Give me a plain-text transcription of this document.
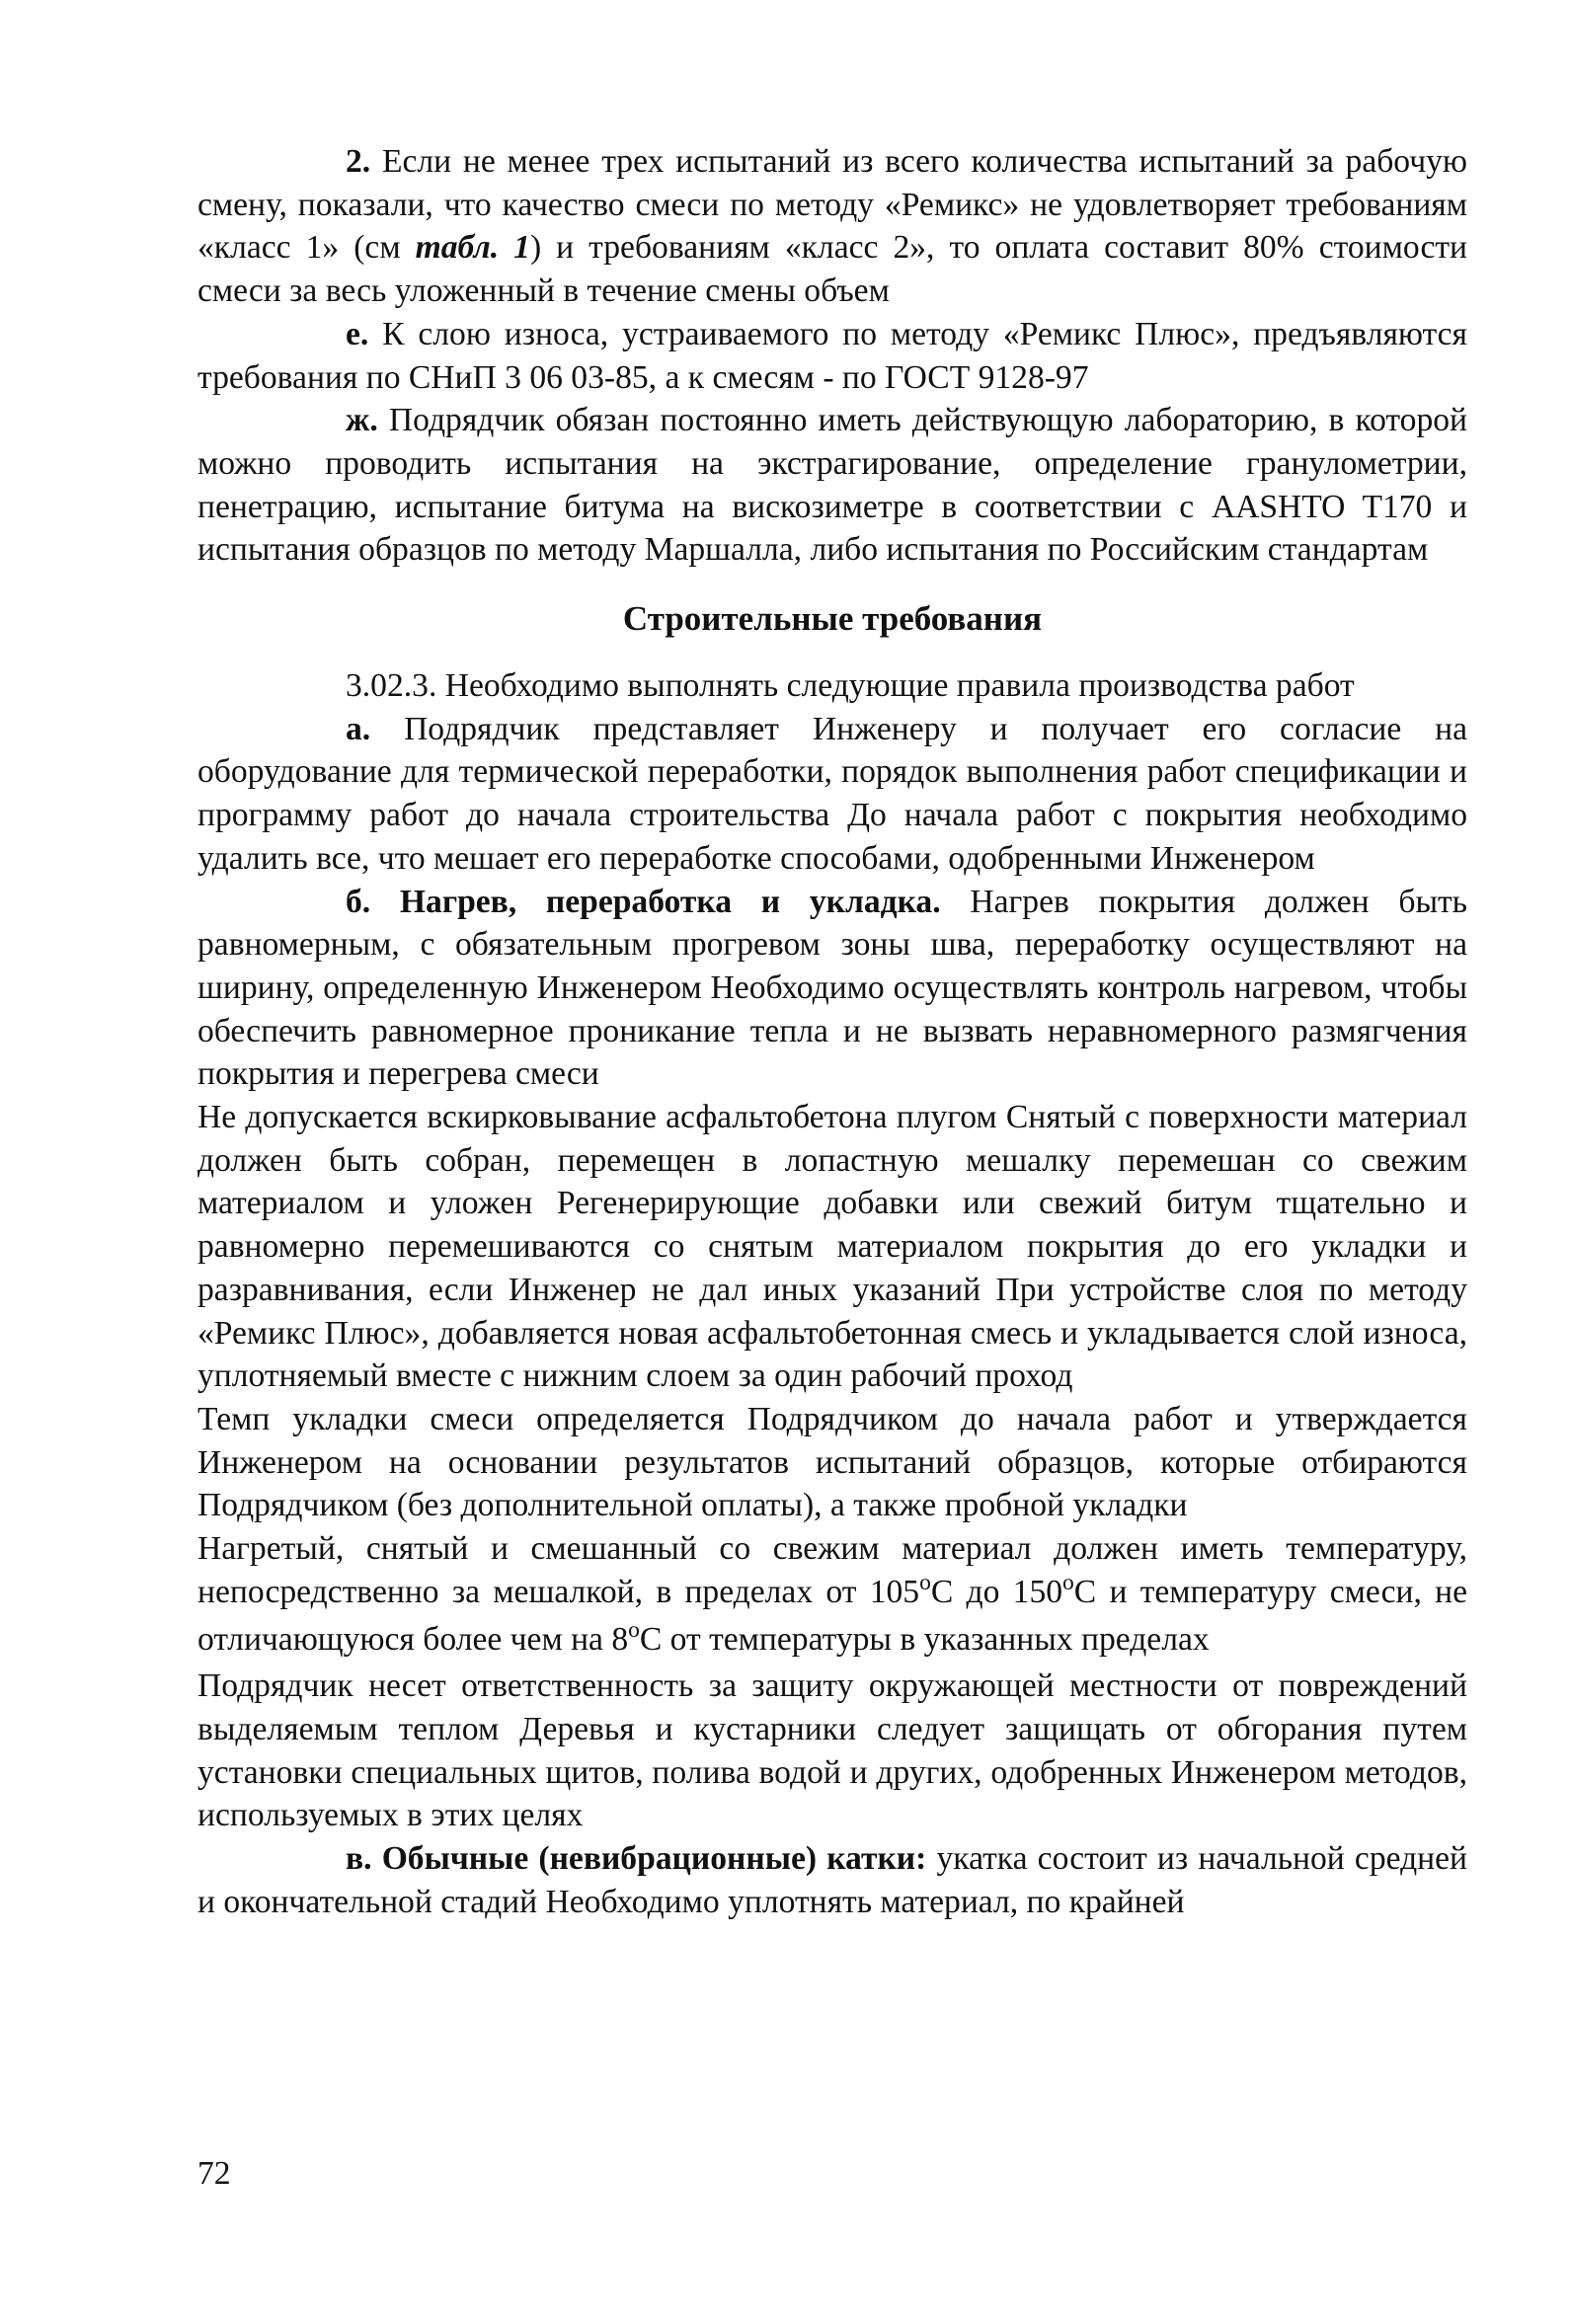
2. Если не менее трех испытаний из всего количества испытаний за рабочую смену, показали, что качество смеси по методу «Ремикс» не удовлетворяет требованиям «класс 1» (см табл. 1) и требованиям «класс 2», то оплата составит 80% стоимости смеси за весь уложенный в течение смены объем

е. К слою износа, устраиваемого по методу «Ремикс Плюс», предъявляются требования по СНиП 3 06 03-85, а к смесям - по ГОСТ 9128-97

ж. Подрядчик обязан постоянно иметь действующую лабораторию, в которой можно проводить испытания на экстрагирование, определение гранулометрии, пенетрацию, испытание битума на вискозиметре в соответствии с AASHTO T170 и испытания образцов по методу Маршалла, либо испытания по Российским стандартам

Строительные требования

3.02.3. Необходимо выполнять следующие правила производства работ

а. Подрядчик представляет Инженеру и получает его согласие на оборудование для термической переработки, порядок выполнения работ спецификации и программу работ до начала строительства До начала работ с покрытия необходимо удалить все, что мешает его переработке способами, одобренными Инженером

б. Нагрев, переработка и укладка. Нагрев покрытия должен быть равномерным, с обязательным прогревом зоны шва, переработку осуществляют на ширину, определенную Инженером Необходимо осуществлять контроль нагревом, чтобы обеспечить равномерное проникание тепла и не вызвать неравномерного размягчения покрытия и перегрева смеси

Не допускается вскирковывание асфальтобетона плугом Снятый с поверхности материал должен быть собран, перемещен в лопастную мешалку перемешан со свежим материалом и уложен Регенерирующие добавки или свежий битум тщательно и равномерно перемешиваются со снятым материалом покрытия до его укладки и разравнивания, если Инженер не дал иных указаний При устройстве слоя по методу «Ремикс Плюс», добавляется новая асфальтобетонная смесь и укладывается слой износа, уплотняемый вместе с нижним слоем за один рабочий проход

Темп укладки смеси определяется Подрядчиком до начала работ и утверждается Инженером на основании результатов испытаний образцов, которые отбираются Подрядчиком (без дополнительной оплаты), а также пробной укладки

Нагретый, снятый и смешанный со свежим материал должен иметь температуру, непосредственно за мешалкой, в пределах от 105$^o$С до 150$^o$С и температуру смеси, не отличающуюся более чем на 8$^o$С от температуры в указанных пределах

Подрядчик несет ответственность за защиту окружающей местности от повреждений выделяемым теплом Деревья и кустарники следует защищать от обгорания путем установки специальных щитов, полива водой и других, одобренных Инженером методов, используемых в этих целях

в. Обычные (невибрационные) катки: укатка состоит из начальной средней и окончательной стадий Необходимо уплотнять материал, по крайней

72
